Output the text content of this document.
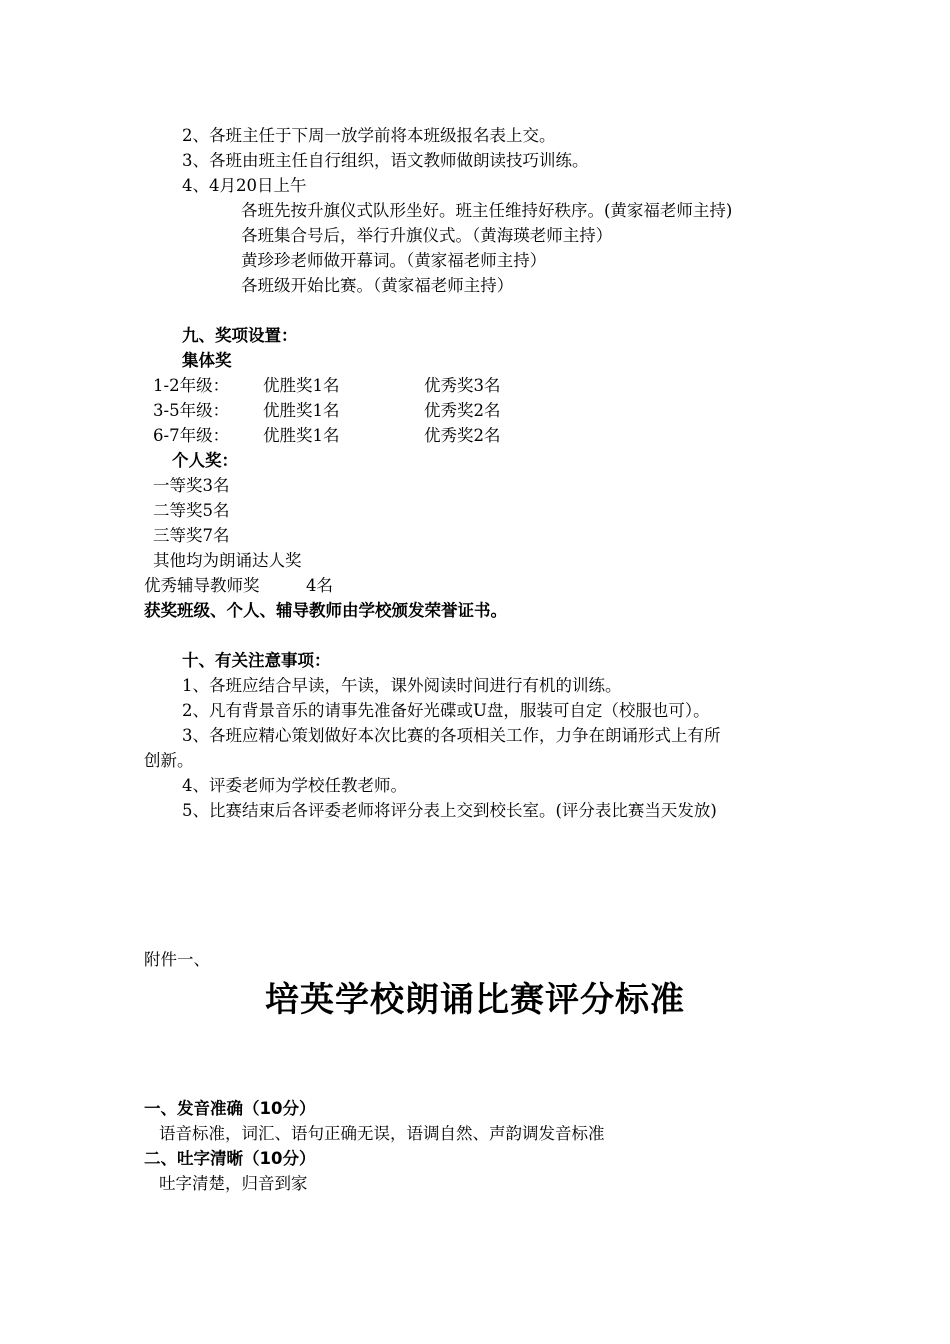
2、各班主任于下周一放学前将本班级报名表上交。
3、各班由班主任自行组织，语文教师做朗读技巧训练。
4、4月20日上午
各班先按升旗仪式队形坐好。班主任维持好秩序。(黄家福老师主持)
各班集合号后，举行升旗仪式。（黄海瑛老师主持）
黄珍珍老师做开幕词。（黄家福老师主持）
各班级开始比赛。（黄家福老师主持）
九、奖项设置：
集体奖
1-2年级： 优胜奖1名	优秀奖3名
3-5年级： 优胜奖1名	优秀奖2名
6-7年级： 优胜奖1名	优秀奖2名
个人奖：
一等奖3名
二等奖5名
三等奖7名
其他均为朗诵达人奖
优秀辅导教师奖	4名
获奖班级、个人、辅导教师由学校颁发荣誉证书。
十、有关注意事项：
1、各班应结合早读，午读，课外阅读时间进行有机的训练。
2、凡有背景音乐的请事先准备好光碟或U盘，服装可自定（校服也可）。
3、各班应精心策划做好本次比赛的各项相关工作，力争在朗诵形式上有所
创新。
4、评委老师为学校任教老师。
5、比赛结束后各评委老师将评分表上交到校长室。(评分表比赛当天发放)
附件一、
培英学校朗诵比赛评分标准
一、发音准确（10分）
语音标准，词汇、语句正确无误，语调自然、声韵调发音标准
二、吐字清晰（10分）
吐字清楚，归音到家
